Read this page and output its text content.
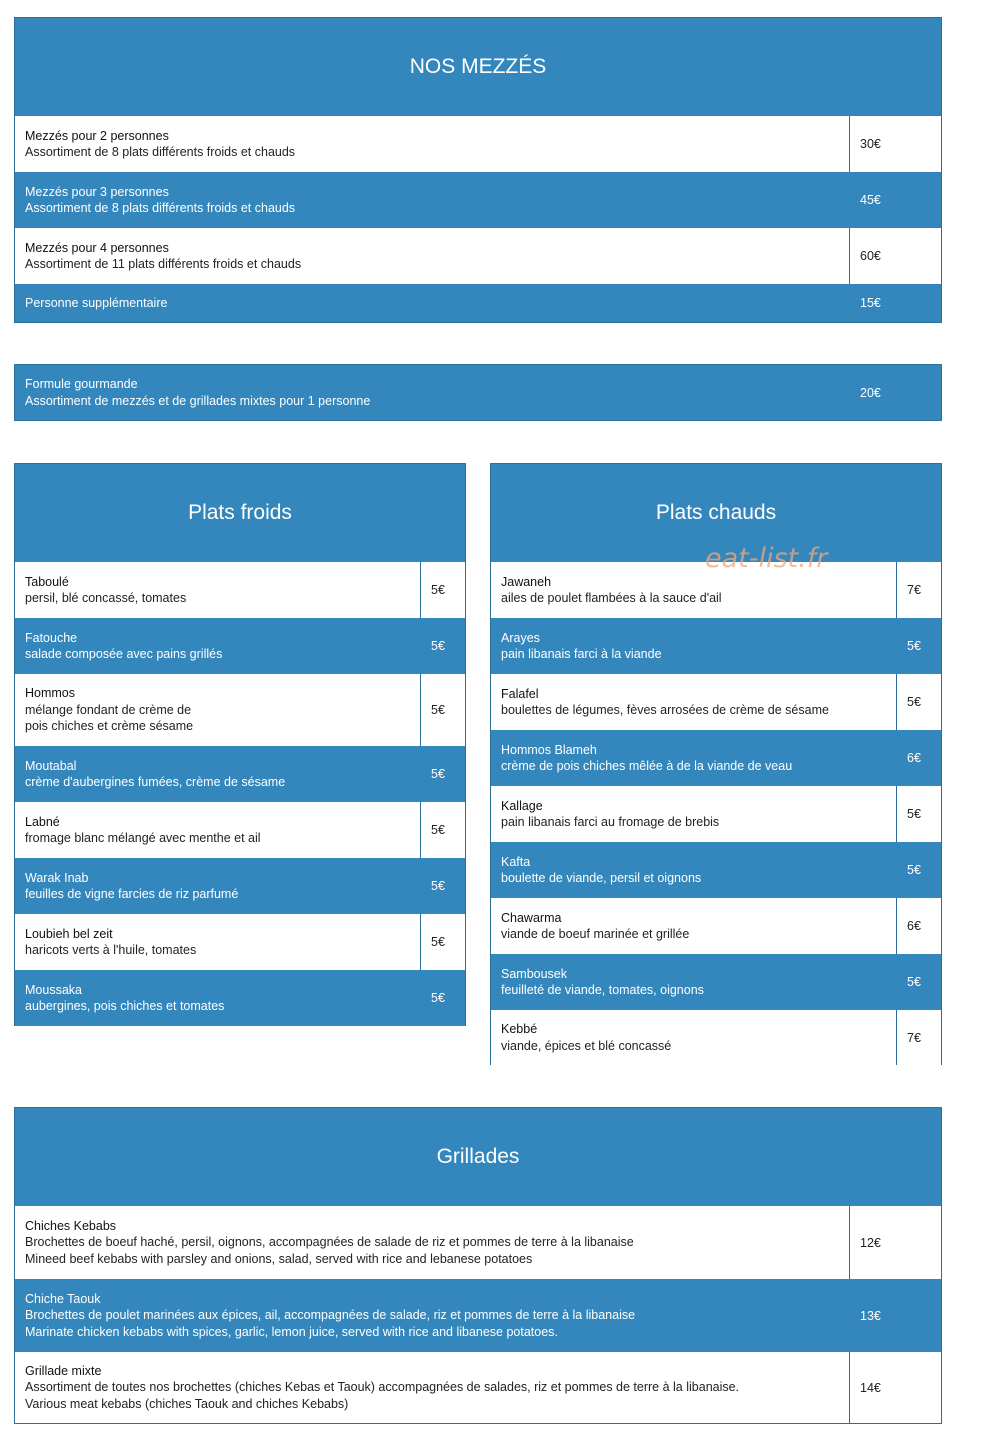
NOS MEZZÉS
Mezzés pour 2 personnes
Assortiment de 8 plats différents froids et chauds
30€
Mezzés pour 3 personnes
Assortiment de 8 plats différents froids et chauds
45€
Mezzés pour 4 personnes
Assortiment de 11 plats différents froids et chauds
60€
Personne supplémentaire	15€
Formule gourmande
Assortiment de mezzés et de grillades mixtes pour 1 personne
20€
Plats froids
Taboulé
persil, blé concassé, tomates
5€
Fatouche
salade composée avec pains grillés
5€
Hommos
mélange fondant de crème de
pois chiches et crème sésame
5€
Moutabal
crème d'aubergines fumées, crème de sésame
5€
Labné
fromage blanc mélangé avec menthe et ail
5€
Warak Inab
feuilles de vigne farcies de riz parfumé
5€
Loubieh bel zeit
haricots verts à l'huile, tomates
5€
Moussaka
aubergines, pois chiches et tomates
5€
Plats chauds
Jawaneh
ailes de poulet flambées à la sauce d'ail
7€
Arayes
pain libanais farci à la viande
5€
Falafel
boulettes de légumes, fèves arrosées de crème de sésame
5€
Hommos Blameh
crème de pois chiches mêlée à de la viande de veau
6€
Kallage
pain libanais farci au fromage de brebis
5€
Kafta
boulette de viande, persil et oignons
5€
Chawarma
viande de boeuf marinée et grillée
6€
Sambousek
feuilleté de viande, tomates, oignons
5€
Kebbé
viande, épices et blé concassé
7€
Grillades
Chiches Kebabs
Brochettes de boeuf haché, persil, oignons, accompagnées de salade de riz et pommes de terre à la libanaise
Mineed beef kebabs with parsley and onions, salad, served with rice and lebanese potatoes
12€
Chiche Taouk
Brochettes de poulet marinées aux épices, ail, accompagnées de salade, riz et pommes de terre à la libanaise
Marinate chicken kebabs with spices, garlic, lemon juice, served with rice and libanese potatoes.
13€
Grillade mixte
Assortiment de toutes nos brochettes (chiches Kebas et Taouk) accompagnées de salades, riz et pommes de terre à la libanaise.
Various meat kebabs (chiches Taouk and chiches Kebabs)
14€
eat-list.fr
